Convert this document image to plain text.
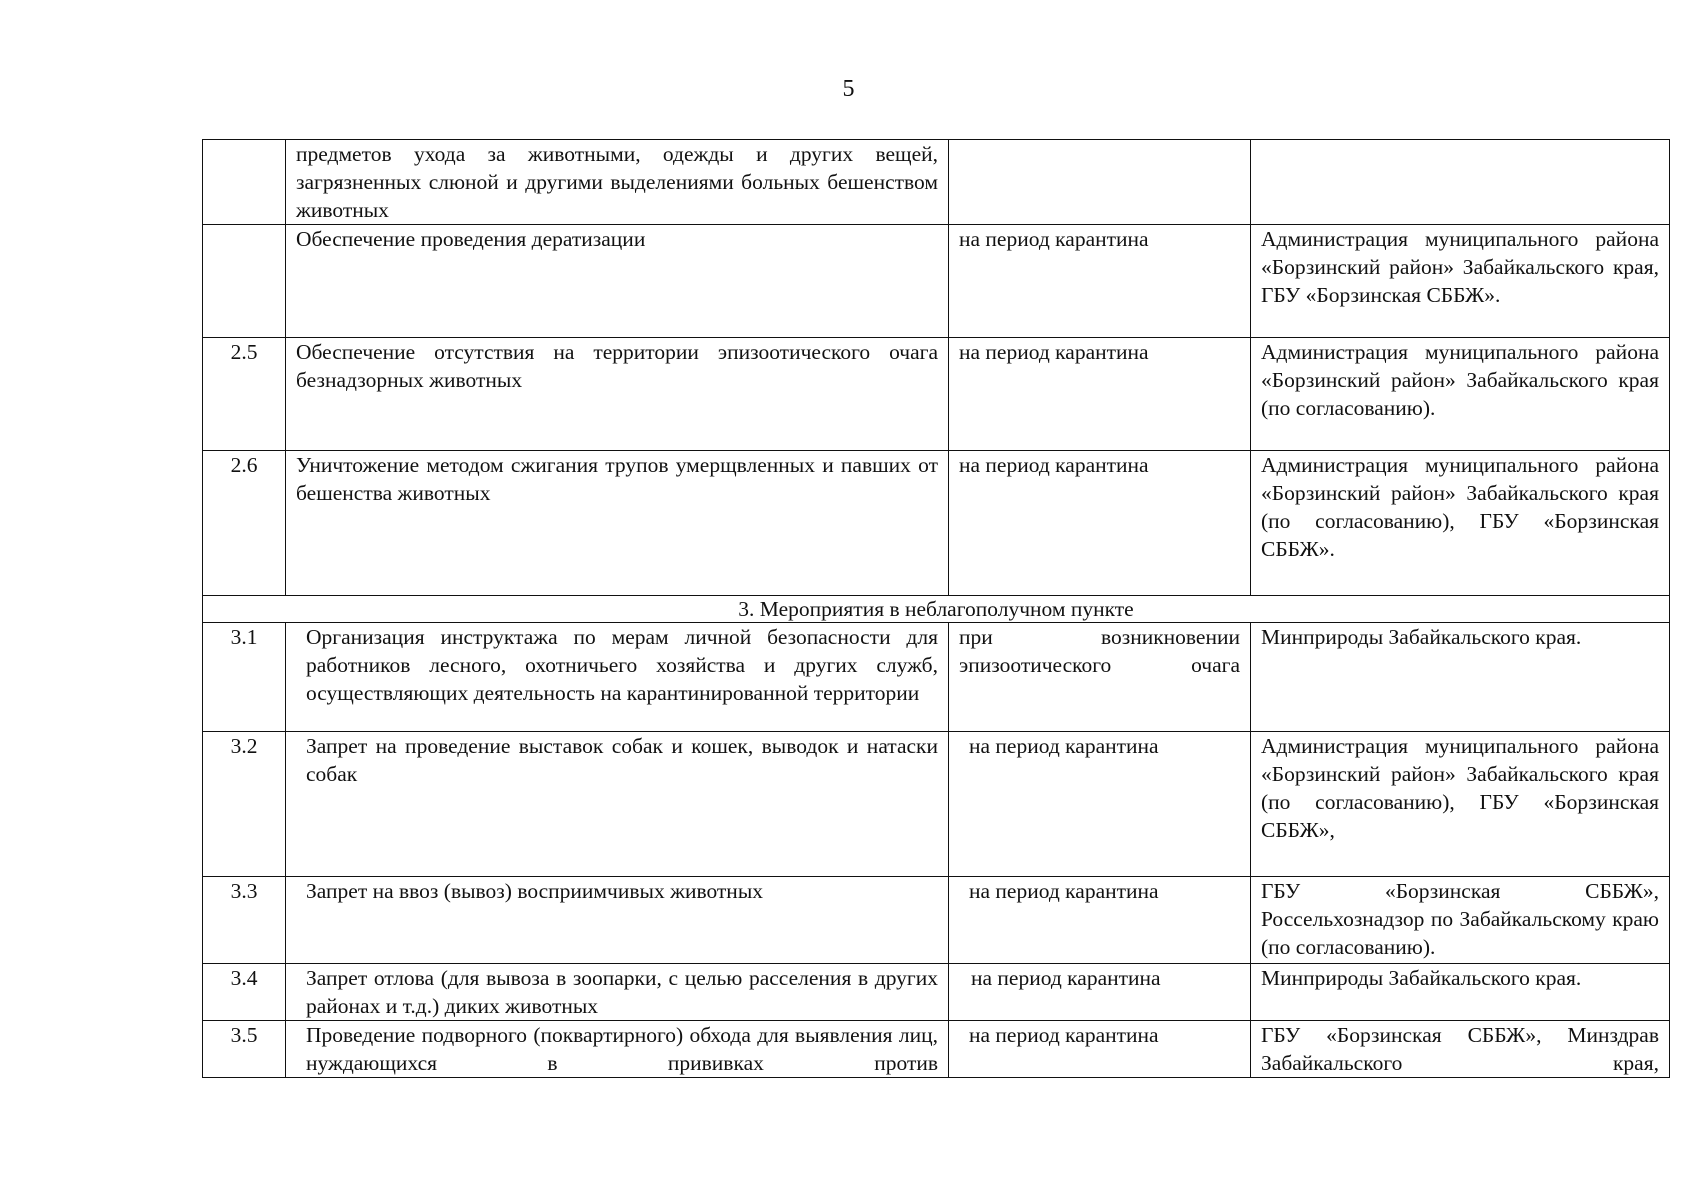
5
	предметов ухода за животными, одежды и других вещей, загрязненных слюной и другими выделениями больных бешенством животных		
	Обеспечение проведения дератизации	на период карантина	Администрация муниципального района «Борзинский район» Забайкальского края, ГБУ «Борзинская СББЖ».
2.5	Обеспечение отсутствия на территории эпизоотического очага безнадзорных животных	на период карантина	Администрация муниципального района «Борзинский район» Забайкальского края (по согласованию).
2.6	Уничтожение методом сжигания трупов умерщвленных и павших от бешенства животных	на период карантина	Администрация муниципального района «Борзинский район» Забайкальского края (по согласованию), ГБУ «Борзинская СББЖ».
3. Мероприятия в неблагополучном пункте			
3.1	Организация инструктажа по мерам личной безопасности для работников лесного, охотничьего хозяйства и других служб, осуществляющих деятельность на карантинированной территории	при возникновении эпизоотического очага	Минприроды Забайкальского края.
3.2	Запрет на проведение выставок собак и кошек, выводок и натаски собак	на период карантина	Администрация муниципального района «Борзинский район» Забайкальского края (по согласованию), ГБУ «Борзинская СББЖ»,
3.3	Запрет на ввоз (вывоз) восприимчивых животных	на период карантина	ГБУ «Борзинская СББЖ», Россельхознадзор по Забайкальскому краю (по согласованию).
3.4	Запрет отлова (для вывоза в зоопарки, с целью расселения в других районах и т.д.) диких животных	на период карантина	Минприроды Забайкальского края.
3.5	Проведение подворного (поквартирного) обхода для выявления лиц, нуждающихся в прививках против	на период карантина	ГБУ «Борзинская СББЖ», Минздрав Забайкальского края,
